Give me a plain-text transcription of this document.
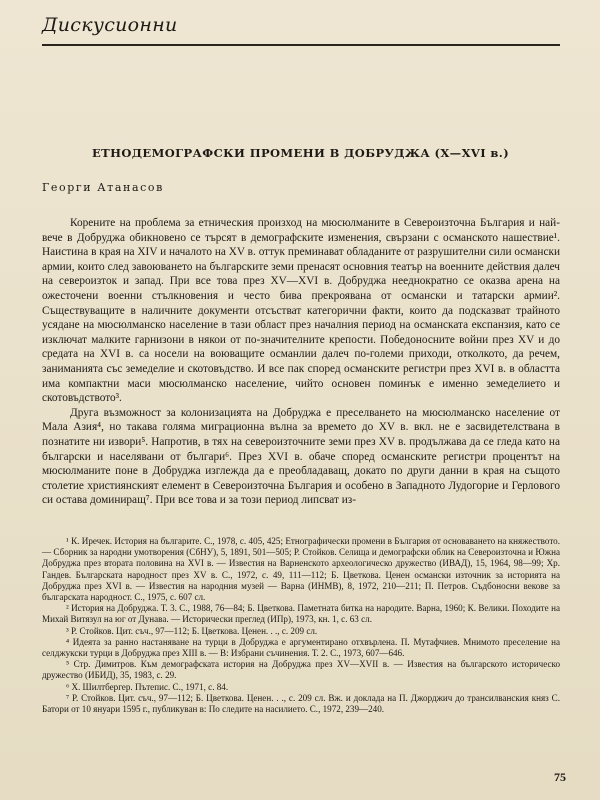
Дискусионни
ЕТНОДЕМОГРАФСКИ ПРОМЕНИ В ДОБРУДЖА (X—XVI в.)
Георги Атанасов

Корените на проблема за етническия произход на мюсюлманите в Североизточна България и най-вече в Добруджа обикновено се търсят в демографските изменения, свързани с османското нашествие¹. Наистина в края на XIV и началото на XV в. оттук преминават обладаните от разрушителни сили османски армии, които след завоюването на българските земи пренасят основния театър на военните действия далеч на североизток и запад. При все това през XV—XVI в. Добруджа нееднократно се оказва арена на ожесточени военни стълкновения и често бива прекроявана от османски и татарски армии². Съществуващите в наличните документи отсъстват категорични факти, които да подсказват трайното усядане на мюсюлманско население в тази област през началния период на османската експанзия, като се изключат малките гарнизони в някои от по-значителните крепости. Победоносните войни през XV и до средата на XVI в. са носели на воюващите османлии далеч по-големи приходи, отколкото, да речем, заниманията със земеделие и скотовъдство. И все пак според османските регистри през XVI в. в областта има компактни маси мюсюлманско население, чийто основен поминък е именно земеделието и скотовъдството³.

Друга възможност за колонизацията на Добруджа е преселването на мюсюлманско население от Мала Азия⁴, но такава голяма миграционна вълна за времето до XV в. вкл. не е засвидетелствана в познатите ни извори⁵. Напротив, в тях на североизточните земи през XV в. продължава да се гледа като на български и населявани от българи⁶. През XVI в. обаче според османските регистри процентът на мюсюлманите поне в Добруджа изглежда да е преобладаващ, докато по други данни в края на същото столетие християнският елемент в Североизточна България и особено в Западното Лудогорие и Герлового си остава доминиращ⁷. При все това и за този период липсват из-

¹ К. Иречек. История на българите. С., 1978, с. 405, 425; Етнографически промени в България от основаването на княжеството. — Сборник за народни умотворения (СбНУ), 5, 1891, 501—505; Р. Стойков. Селища и демографски облик на Североизточна и Южна Добруджа през втората половина на XVI в. — Известия на Варненското археологическо дружество (ИВАД), 15, 1964, 98—99; Хр. Гандев. Българската народност през XV в. С., 1972, с. 49, 111—112; Б. Цветкова. Ценен османски източник за историята на Добруджа през XVI в. — Известия на народния музей — Варна (ИНМВ), 8, 1972, 210—211; П. Петров. Съдбоносни векове за българската народност. С., 1975, с. 607 сл.

² История на Добруджа. Т. 3. С., 1988, 76—84; Б. Цветкова. Паметната битка на народите. Варна, 1960; К. Велики. Походите на Михай Витязул на юг от Дунава. — Исторически преглед (ИПр), 1973, кн. 1, с. 63 сл.

³ Р. Стойков. Цит. съч., 97—112; Б. Цветкова. Ценен. . ., с. 209 сл.

⁴ Идеята за ранно настаняване на турци в Добруджа е аргументирано отхвърлена. П. Мутафчиев. Мнимото преселение на селджукски турци в Добруджа през XIII в. — В: Избрани съчинения. Т. 2. С., 1973, 607—646.

⁵ Стр. Димитров. Към демографската история на Добруджа през XV—XVII в. — Известия на българското историческо дружество (ИБИД), 35, 1983, с. 29.

⁶ Х. Шилтбергер. Пътепис. С., 1971, с. 84.

⁷ Р. Стойков. Цит. съч., 97—112; Б. Цветкова. Ценен. . ., с. 209 сл. Вж. и доклада на П. Джорджич до трансилванския княз С. Батори от 10 януари 1595 г., публикуван в: По следите на насилието. С., 1972, 239—240.

75
